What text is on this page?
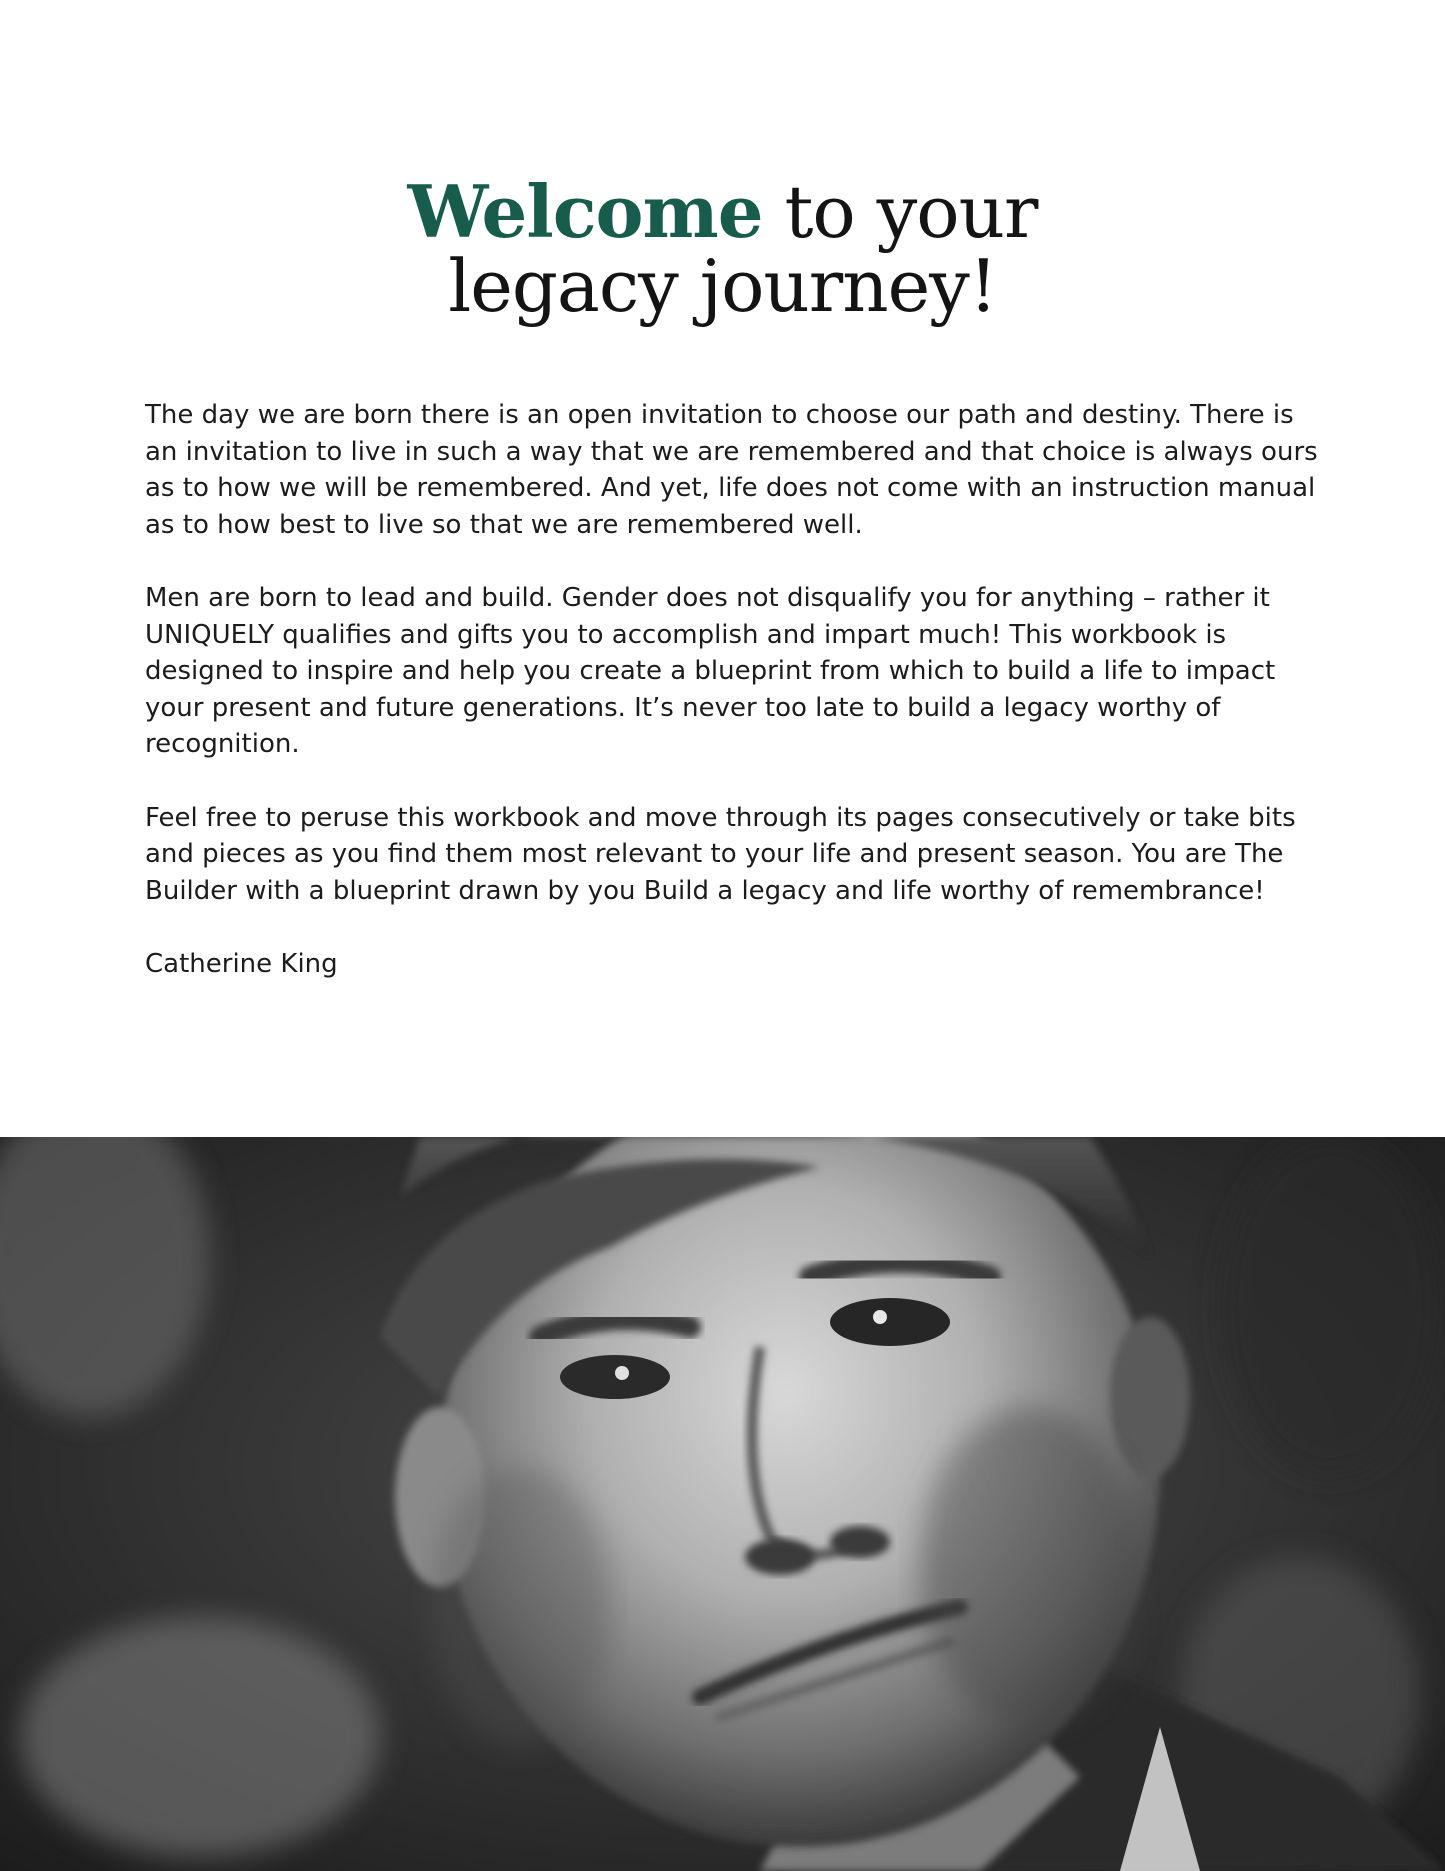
Welcome to your
legacy journey!

The day we are born there is an open invitation to choose our path and destiny. There is an invitation to live in such a way that we are remembered and that choice is always ours as to how we will be remembered. And yet, life does not come with an instruction manual as to how best to live so that we are remembered well.

Men are born to lead and build. Gender does not disqualify you for anything – rather it UNIQUELY qualifies and gifts you to accomplish and impart much! This workbook is designed to inspire and help you create a blueprint from which to build a life to impact your present and future generations. It’s never too late to build a legacy worthy of recognition.

Feel free to peruse this workbook and move through its pages consecutively or take bits and pieces as you find them most relevant to your life and present season. You are The Builder with a blueprint drawn by you Build a legacy and life worthy of remembrance!

Catherine King
